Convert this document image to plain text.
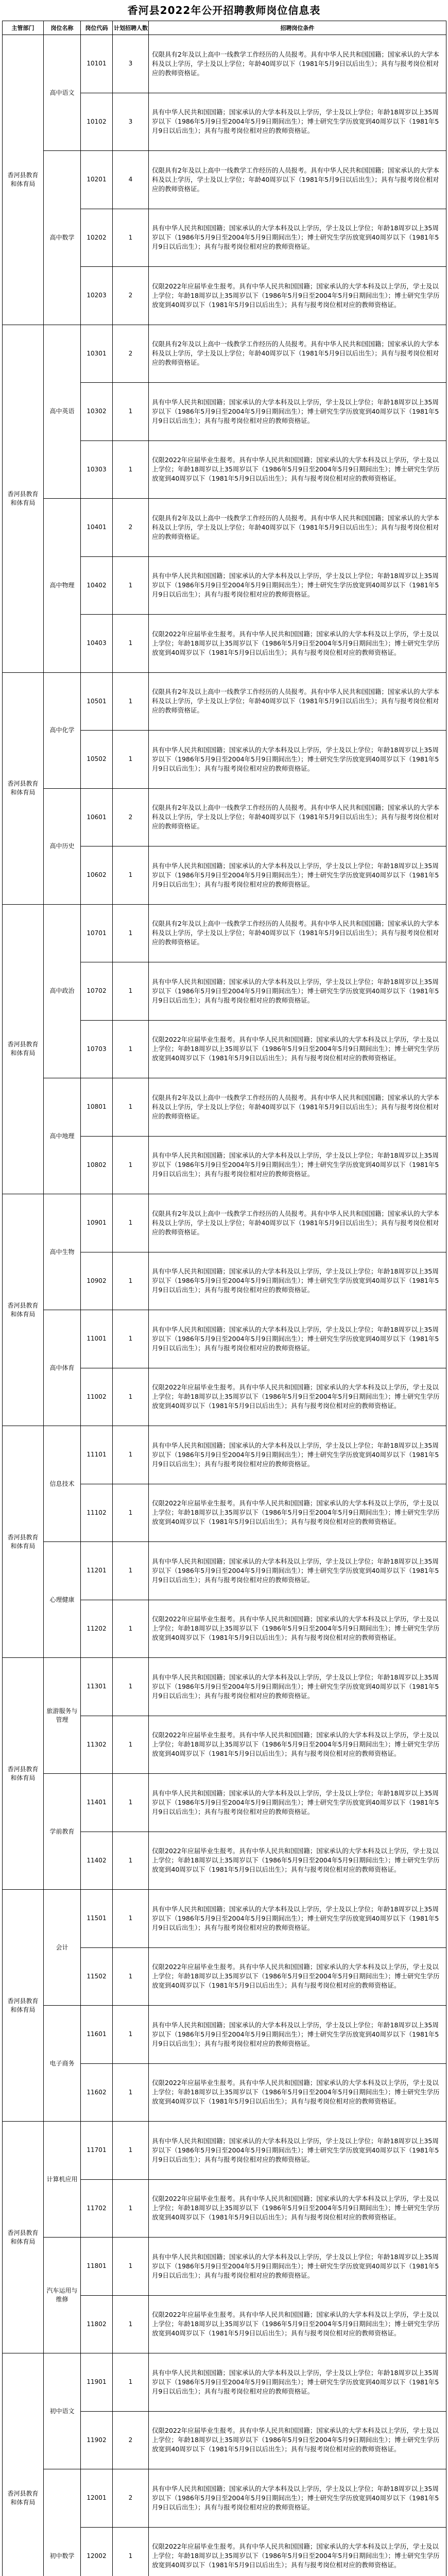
香河县2022年公开招聘教师岗位信息表
主管部门	岗位名称	岗位代码	计划招聘人数	招聘岗位条件
香河县教育和体育局	高中语文	10101	3	仅限具有2年及以上高中一线教学工作经历的人员报考。具有中华人民共和国国籍；国家承认的大学本科及以上学历，学士及以上学位；年龄40周岁以下（1981年5月9日以后出生）；具有与报考岗位相对应的教师资格证。
		10102	3	具有中华人民共和国国籍；国家承认的大学本科及以上学历，学士及以上学位；年龄18周岁以上35周岁以下（1986年5月9日至2004年5月9日期间出生）；博士研究生学历放宽到40周岁以下（1981年5月9日以后出生）；具有与报考岗位相对应的教师资格证。
	高中数学	10201	4	仅限具有2年及以上高中一线教学工作经历的人员报考。具有中华人民共和国国籍；国家承认的大学本科及以上学历，学士及以上学位；年龄40周岁以下（1981年5月9日以后出生）；具有与报考岗位相对应的教师资格证。
		10202	1	具有中华人民共和国国籍；国家承认的大学本科及以上学历，学士及以上学位；年龄18周岁以上35周岁以下（1986年5月9日至2004年5月9日期间出生）；博士研究生学历放宽到40周岁以下（1981年5月9日以后出生）；具有与报考岗位相对应的教师资格证。
		10203	2	仅限2022年应届毕业生报考。具有中华人民共和国国籍；国家承认的大学本科及以上学历，学士及以上学位；年龄18周岁以上35周岁以下（1986年5月9日至2004年5月9日期间出生）；博士研究生学历放宽到40周岁以下（1981年5月9日以后出生）；具有与报考岗位相对应的教师资格证。
香河县教育和体育局	高中英语	10301	2	仅限具有2年及以上高中一线教学工作经历的人员报考。具有中华人民共和国国籍；国家承认的大学本科及以上学历，学士及以上学位；年龄40周岁以下（1981年5月9日以后出生）；具有与报考岗位相对应的教师资格证。
		10302	1	具有中华人民共和国国籍；国家承认的大学本科及以上学历，学士及以上学位；年龄18周岁以上35周岁以下（1986年5月9日至2004年5月9日期间出生）；博士研究生学历放宽到40周岁以下（1981年5月9日以后出生）；具有与报考岗位相对应的教师资格证。
		10303	1	仅限2022年应届毕业生报考。具有中华人民共和国国籍；国家承认的大学本科及以上学历，学士及以上学位；年龄18周岁以上35周岁以下（1986年5月9日至2004年5月9日期间出生）；博士研究生学历放宽到40周岁以下（1981年5月9日以后出生）；具有与报考岗位相对应的教师资格证。
	高中物理	10401	2	仅限具有2年及以上高中一线教学工作经历的人员报考。具有中华人民共和国国籍；国家承认的大学本科及以上学历，学士及以上学位；年龄40周岁以下（1981年5月9日以后出生）；具有与报考岗位相对应的教师资格证。
		10402	1	具有中华人民共和国国籍；国家承认的大学本科及以上学历，学士及以上学位；年龄18周岁以上35周岁以下（1986年5月9日至2004年5月9日期间出生）；博士研究生学历放宽到40周岁以下（1981年5月9日以后出生）；具有与报考岗位相对应的教师资格证。
		10403	1	仅限2022年应届毕业生报考。具有中华人民共和国国籍；国家承认的大学本科及以上学历，学士及以上学位；年龄18周岁以上35周岁以下（1986年5月9日至2004年5月9日期间出生）；博士研究生学历放宽到40周岁以下（1981年5月9日以后出生）；具有与报考岗位相对应的教师资格证。
香河县教育和体育局	高中化学	10501	1	仅限具有2年及以上高中一线教学工作经历的人员报考。具有中华人民共和国国籍；国家承认的大学本科及以上学历，学士及以上学位；年龄40周岁以下（1981年5月9日以后出生）；具有与报考岗位相对应的教师资格证。
		10502	1	具有中华人民共和国国籍；国家承认的大学本科及以上学历，学士及以上学位；年龄18周岁以上35周岁以下（1986年5月9日至2004年5月9日期间出生）；博士研究生学历放宽到40周岁以下（1981年5月9日以后出生）；具有与报考岗位相对应的教师资格证。
	高中历史	10601	2	仅限具有2年及以上高中一线教学工作经历的人员报考。具有中华人民共和国国籍；国家承认的大学本科及以上学历，学士及以上学位；年龄40周岁以下（1981年5月9日以后出生）；具有与报考岗位相对应的教师资格证。
		10602	1	具有中华人民共和国国籍；国家承认的大学本科及以上学历，学士及以上学位；年龄18周岁以上35周岁以下（1986年5月9日至2004年5月9日期间出生）；博士研究生学历放宽到40周岁以下（1981年5月9日以后出生）；具有与报考岗位相对应的教师资格证。
香河县教育和体育局	高中政治	10701	1	仅限具有2年及以上高中一线教学工作经历的人员报考。具有中华人民共和国国籍；国家承认的大学本科及以上学历，学士及以上学位；年龄40周岁以下（1981年5月9日以后出生）；具有与报考岗位相对应的教师资格证。
		10702	1	具有中华人民共和国国籍；国家承认的大学本科及以上学历，学士及以上学位；年龄18周岁以上35周岁以下（1986年5月9日至2004年5月9日期间出生）；博士研究生学历放宽到40周岁以下（1981年5月9日以后出生）；具有与报考岗位相对应的教师资格证。
		10703	1	仅限2022年应届毕业生报考。具有中华人民共和国国籍；国家承认的大学本科及以上学历，学士及以上学位；年龄18周岁以上35周岁以下（1986年5月9日至2004年5月9日期间出生）；博士研究生学历放宽到40周岁以下（1981年5月9日以后出生）；具有与报考岗位相对应的教师资格证。
	高中地理	10801	1	仅限具有2年及以上高中一线教学工作经历的人员报考。具有中华人民共和国国籍；国家承认的大学本科及以上学历，学士及以上学位；年龄40周岁以下（1981年5月9日以后出生）；具有与报考岗位相对应的教师资格证。
		10802	1	具有中华人民共和国国籍；国家承认的大学本科及以上学历，学士及以上学位；年龄18周岁以上35周岁以下（1986年5月9日至2004年5月9日期间出生）；博士研究生学历放宽到40周岁以下（1981年5月9日以后出生）；具有与报考岗位相对应的教师资格证。
香河县教育和体育局	高中生物	10901	1	仅限具有2年及以上高中一线教学工作经历的人员报考。具有中华人民共和国国籍；国家承认的大学本科及以上学历，学士及以上学位；年龄40周岁以下（1981年5月9日以后出生）；具有与报考岗位相对应的教师资格证。
		10902	1	具有中华人民共和国国籍；国家承认的大学本科及以上学历，学士及以上学位；年龄18周岁以上35周岁以下（1986年5月9日至2004年5月9日期间出生）；博士研究生学历放宽到40周岁以下（1981年5月9日以后出生）；具有与报考岗位相对应的教师资格证。
	高中体育	11001	1	具有中华人民共和国国籍；国家承认的大学本科及以上学历，学士及以上学位；年龄18周岁以上35周岁以下（1986年5月9日至2004年5月9日期间出生）；博士研究生学历放宽到40周岁以下（1981年5月9日以后出生）；具有与报考岗位相对应的教师资格证。
		11002	1	仅限2022年应届毕业生报考。具有中华人民共和国国籍；国家承认的大学本科及以上学历，学士及以上学位；年龄18周岁以上35周岁以下（1986年5月9日至2004年5月9日期间出生）；博士研究生学历放宽到40周岁以下（1981年5月9日以后出生）；具有与报考岗位相对应的教师资格证。
香河县教育和体育局	信息技术	11101	1	具有中华人民共和国国籍；国家承认的大学本科及以上学历，学士及以上学位；年龄18周岁以上35周岁以下（1986年5月9日至2004年5月9日期间出生）；博士研究生学历放宽到40周岁以下（1981年5月9日以后出生）；具有与报考岗位相对应的教师资格证。
		11102	1	仅限2022年应届毕业生报考。具有中华人民共和国国籍；国家承认的大学本科及以上学历，学士及以上学位；年龄18周岁以上35周岁以下（1986年5月9日至2004年5月9日期间出生）；博士研究生学历放宽到40周岁以下（1981年5月9日以后出生）；具有与报考岗位相对应的教师资格证。
	心理健康	11201	1	具有中华人民共和国国籍；国家承认的大学本科及以上学历，学士及以上学位；年龄18周岁以上35周岁以下（1986年5月9日至2004年5月9日期间出生）；博士研究生学历放宽到40周岁以下（1981年5月9日以后出生）；具有与报考岗位相对应的教师资格证。
		11202	1	仅限2022年应届毕业生报考。具有中华人民共和国国籍；国家承认的大学本科及以上学历，学士及以上学位；年龄18周岁以上35周岁以下（1986年5月9日至2004年5月9日期间出生）；博士研究生学历放宽到40周岁以下（1981年5月9日以后出生）；具有与报考岗位相对应的教师资格证。
香河县教育和体育局	旅游服务与管理	11301	1	具有中华人民共和国国籍；国家承认的大学本科及以上学历，学士及以上学位；年龄18周岁以上35周岁以下（1986年5月9日至2004年5月9日期间出生）；博士研究生学历放宽到40周岁以下（1981年5月9日以后出生）；具有与报考岗位相对应的教师资格证。
		11302	1	仅限2022年应届毕业生报考。具有中华人民共和国国籍；国家承认的大学本科及以上学历，学士及以上学位；年龄18周岁以上35周岁以下（1986年5月9日至2004年5月9日期间出生）；博士研究生学历放宽到40周岁以下（1981年5月9日以后出生）；具有与报考岗位相对应的教师资格证。
	学前教育	11401	1	具有中华人民共和国国籍；国家承认的大学本科及以上学历，学士及以上学位；年龄18周岁以上35周岁以下（1986年5月9日至2004年5月9日期间出生）；博士研究生学历放宽到40周岁以下（1981年5月9日以后出生）；具有与报考岗位相对应的教师资格证。
		11402	1	仅限2022年应届毕业生报考。具有中华人民共和国国籍；国家承认的大学本科及以上学历，学士及以上学位；年龄18周岁以上35周岁以下（1986年5月9日至2004年5月9日期间出生）；博士研究生学历放宽到40周岁以下（1981年5月9日以后出生）；具有与报考岗位相对应的教师资格证。
香河县教育和体育局	会计	11501	1	具有中华人民共和国国籍；国家承认的大学本科及以上学历，学士及以上学位；年龄18周岁以上35周岁以下（1986年5月9日至2004年5月9日期间出生）；博士研究生学历放宽到40周岁以下（1981年5月9日以后出生）；具有与报考岗位相对应的教师资格证。
		11502	1	仅限2022年应届毕业生报考。具有中华人民共和国国籍；国家承认的大学本科及以上学历，学士及以上学位；年龄18周岁以上35周岁以下（1986年5月9日至2004年5月9日期间出生）；博士研究生学历放宽到40周岁以下（1981年5月9日以后出生）；具有与报考岗位相对应的教师资格证。
	电子商务	11601	1	具有中华人民共和国国籍；国家承认的大学本科及以上学历，学士及以上学位；年龄18周岁以上35周岁以下（1986年5月9日至2004年5月9日期间出生）；博士研究生学历放宽到40周岁以下（1981年5月9日以后出生）；具有与报考岗位相对应的教师资格证。
		11602	1	仅限2022年应届毕业生报考。具有中华人民共和国国籍；国家承认的大学本科及以上学历，学士及以上学位；年龄18周岁以上35周岁以下（1986年5月9日至2004年5月9日期间出生）；博士研究生学历放宽到40周岁以下（1981年5月9日以后出生）；具有与报考岗位相对应的教师资格证。
香河县教育和体育局	计算机应用	11701	1	具有中华人民共和国国籍；国家承认的大学本科及以上学历，学士及以上学位；年龄18周岁以上35周岁以下（1986年5月9日至2004年5月9日期间出生）；博士研究生学历放宽到40周岁以下（1981年5月9日以后出生）；具有与报考岗位相对应的教师资格证。
		11702	1	仅限2022年应届毕业生报考。具有中华人民共和国国籍；国家承认的大学本科及以上学历，学士及以上学位；年龄18周岁以上35周岁以下（1986年5月9日至2004年5月9日期间出生）；博士研究生学历放宽到40周岁以下（1981年5月9日以后出生）；具有与报考岗位相对应的教师资格证。
	汽车运用与维修	11801	1	具有中华人民共和国国籍；国家承认的大学本科及以上学历，学士及以上学位；年龄18周岁以上35周岁以下（1986年5月9日至2004年5月9日期间出生）；博士研究生学历放宽到40周岁以下（1981年5月9日以后出生）；具有与报考岗位相对应的教师资格证。
		11802	1	仅限2022年应届毕业生报考。具有中华人民共和国国籍；国家承认的大学本科及以上学历，学士及以上学位；年龄18周岁以上35周岁以下（1986年5月9日至2004年5月9日期间出生）；博士研究生学历放宽到40周岁以下（1981年5月9日以后出生）；具有与报考岗位相对应的教师资格证。
香河县教育和体育局	初中语文	11901	1	具有中华人民共和国国籍；国家承认的大学本科及以上学历，学士及以上学位；年龄18周岁以上35周岁以下（1986年5月9日至2004年5月9日期间出生）；博士研究生学历放宽到40周岁以下（1981年5月9日以后出生）；具有与报考岗位相对应的教师资格证。
		11902	2	仅限2022年应届毕业生报考。具有中华人民共和国国籍；国家承认的大学本科及以上学历，学士及以上学位；年龄18周岁以上35周岁以下（1986年5月9日至2004年5月9日期间出生）；博士研究生学历放宽到40周岁以下（1981年5月9日以后出生）；具有与报考岗位相对应的教师资格证。
	初中数学	12001	2	具有中华人民共和国国籍；国家承认的大学本科及以上学历，学士及以上学位；年龄18周岁以上35周岁以下（1986年5月9日至2004年5月9日期间出生）；博士研究生学历放宽到40周岁以下（1981年5月9日以后出生）；具有与报考岗位相对应的教师资格证。
		12002	1	仅限2022年应届毕业生报考。具有中华人民共和国国籍；国家承认的大学本科及以上学历，学士及以上学位；年龄18周岁以上35周岁以下（1986年5月9日至2004年5月9日期间出生）；博士研究生学历放宽到40周岁以下（1981年5月9日以后出生）；具有与报考岗位相对应的教师资格证。
